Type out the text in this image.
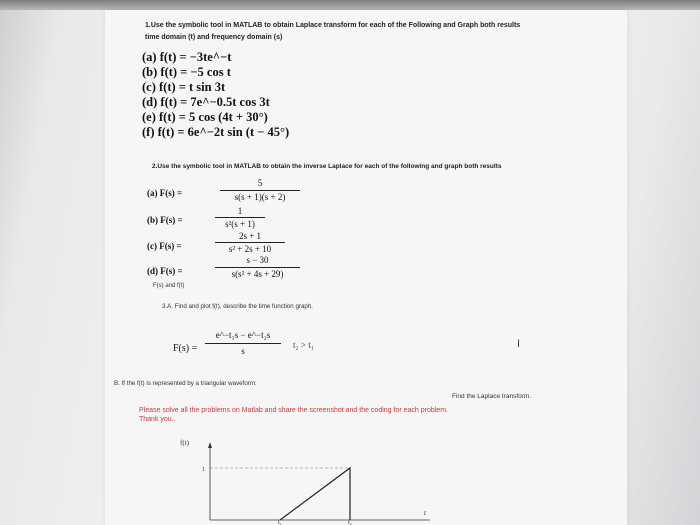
1.Use the symbolic tool in MATLAB to obtain Laplace transform for each of the Following and Graph both results
time domain (t) and frequency domain (s)
(a) f(t) = −3te^−t
(b) f(t) = −5 cos t
(c) f(t) = t sin 3t
(d) f(t) = 7e^−0.5t cos 3t
(e) f(t) = 5 cos (4t + 30°)
(f) f(t) = 6e^−2t sin (t − 45°)
2.Use the symbolic tool in MATLAB to obtain the inverse Laplace for each of the following and graph both results
(a) F(s) =
5
s(s + 1)(s + 2)
(b) F(s) =
1
s²(s + 1)
(c) F(s) =
2s + 1
s² + 2s + 10
(d) F(s) =
s − 30
s(s² + 4s + 29)
F(s) and f(t)
3.A. Find and plot f(t), describe the time function graph.
F(s) =
e^−t₁s − e^−t₂s
s
t₂ > t₁	I
B. If the f(t) is represented by a triangular waveform:
Find the Laplace transform.
Please solve all the problems on Matlab and share the screenshot and the coding for each problem.
Thank you..
f(t)
1
t₁	t₂
t
